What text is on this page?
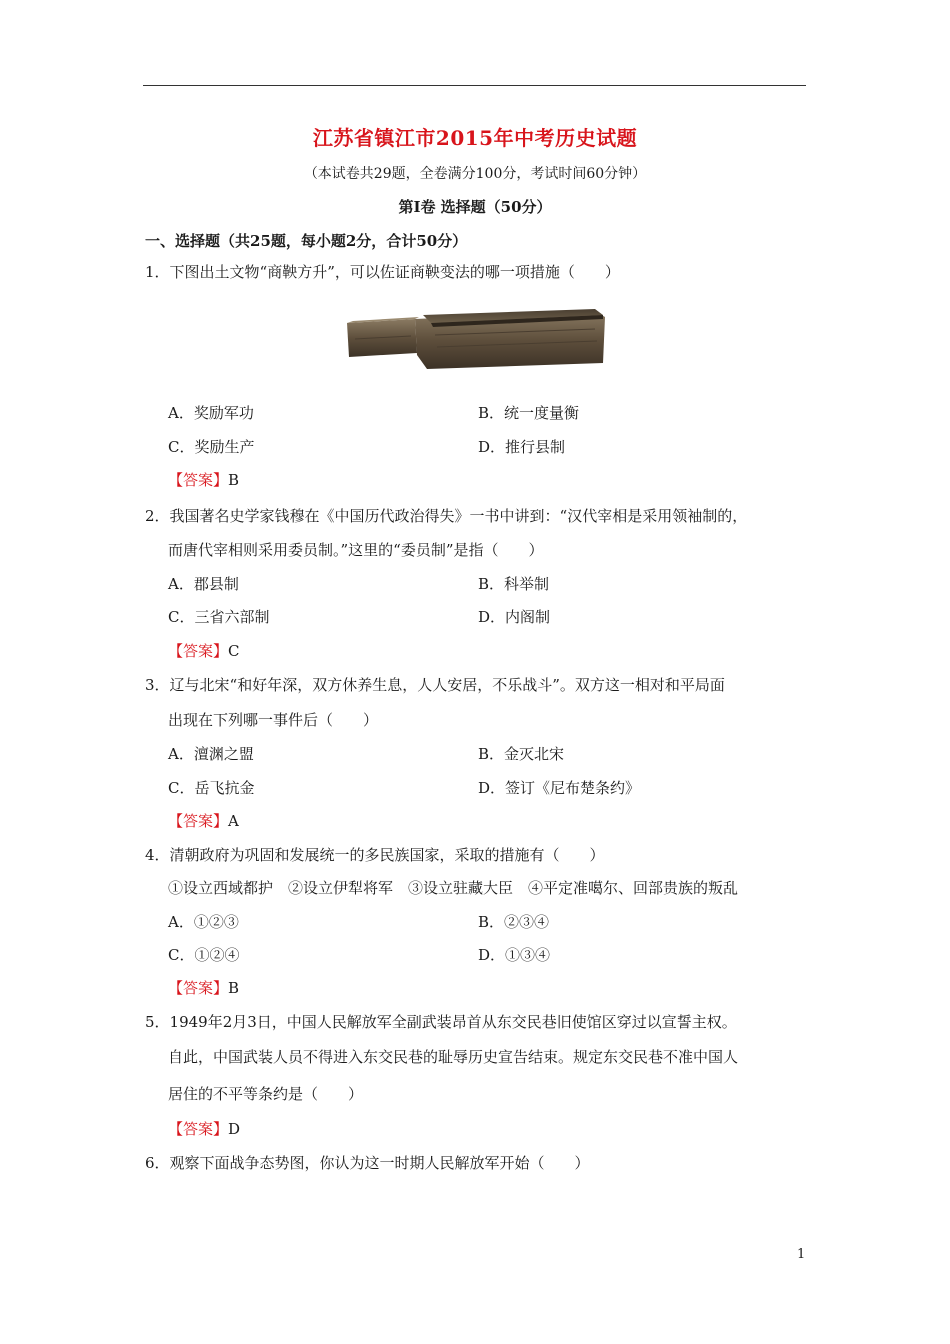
江苏省镇江市2015年中考历史试题
（本试卷共29题，全卷满分100分，考试时间60分钟）
第Ⅰ卷 选择题（50分）
一、选择题（共25题，每小题2分，合计50分）
1．下图出土文物“商鞅方升”，可以佐证商鞅变法的哪一项措施（　　）
A．奖励军功	B．统一度量衡
C．奖励生产	D．推行县制
【答案】B
2．我国著名史学家钱穆在《中国历代政治得失》一书中讲到：“汉代宰相是采用领袖制的，
而唐代宰相则采用委员制。”这里的“委员制”是指（　　）
A．郡县制	B．科举制
C．三省六部制	D．内阁制
【答案】C
3．辽与北宋“和好年深，双方休养生息，人人安居，不乐战斗”。双方这一相对和平局面
出现在下列哪一事件后（　　）
A．澶渊之盟	B．金灭北宋
C．岳飞抗金	D．签订《尼布楚条约》
【答案】A
4．清朝政府为巩固和发展统一的多民族国家，采取的措施有（　　）
①设立西域都护　②设立伊犁将军　③设立驻藏大臣　④平定准噶尔、回部贵族的叛乱
A．①②③	B．②③④
C．①②④	D．①③④
【答案】B
5．1949年2月3日，中国人民解放军全副武装昂首从东交民巷旧使馆区穿过以宣誓主权。
自此，中国武装人员不得进入东交民巷的耻辱历史宣告结束。规定东交民巷不准中国人
居住的不平等条约是（　　）
【答案】D
6．观察下面战争态势图，你认为这一时期人民解放军开始（　　）
1
